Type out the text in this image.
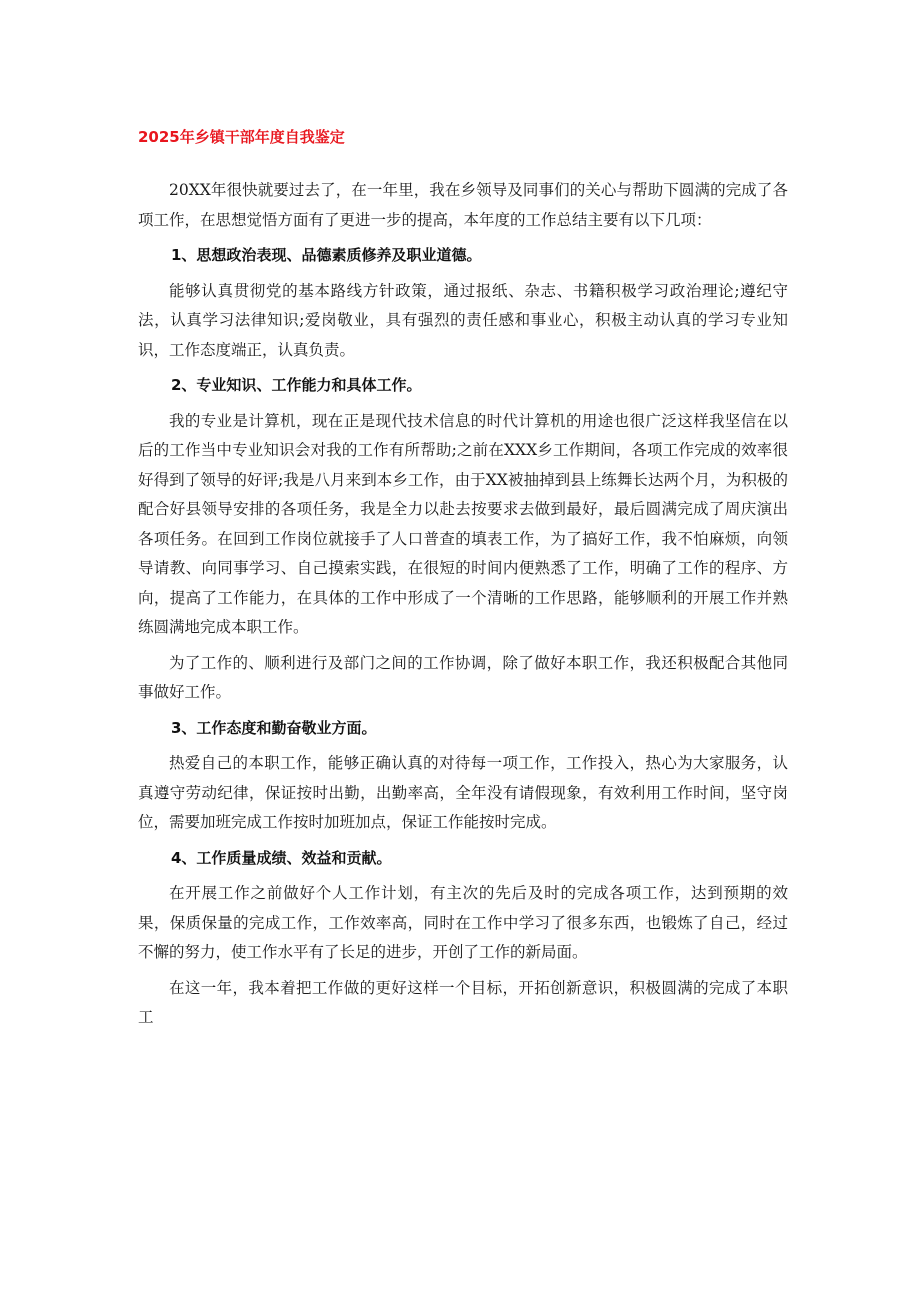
2025年乡镇干部年度自我鉴定

20XX年很快就要过去了，在一年里，我在乡领导及同事们的关心与帮助下圆满的完成了各项工作，在思想觉悟方面有了更进一步的提高，本年度的工作总结主要有以下几项：

1、思想政治表现、品德素质修养及职业道德。

能够认真贯彻党的基本路线方针政策，通过报纸、杂志、书籍积极学习政治理论;遵纪守法，认真学习法律知识;爱岗敬业，具有强烈的责任感和事业心，积极主动认真的学习专业知识，工作态度端正，认真负责。

2、专业知识、工作能力和具体工作。

我的专业是计算机，现在正是现代技术信息的时代计算机的用途也很广泛这样我坚信在以后的工作当中专业知识会对我的工作有所帮助;之前在XXX乡工作期间，各项工作完成的效率很好得到了领导的好评;我是八月来到本乡工作，由于XX被抽掉到县上练舞长达两个月，为积极的配合好县领导安排的各项任务，我是全力以赴去按要求去做到最好，最后圆满完成了周庆演出各项任务。在回到工作岗位就接手了人口普查的填表工作，为了搞好工作，我不怕麻烦，向领导请教、向同事学习、自己摸索实践，在很短的时间内便熟悉了工作，明确了工作的程序、方向，提高了工作能力，在具体的工作中形成了一个清晰的工作思路，能够顺利的开展工作并熟练圆满地完成本职工作。

为了工作的、顺利进行及部门之间的工作协调，除了做好本职工作，我还积极配合其他同事做好工作。

3、工作态度和勤奋敬业方面。

热爱自己的本职工作，能够正确认真的对待每一项工作，工作投入，热心为大家服务，认真遵守劳动纪律，保证按时出勤，出勤率高，全年没有请假现象，有效利用工作时间，坚守岗位，需要加班完成工作按时加班加点，保证工作能按时完成。

4、工作质量成绩、效益和贡献。

在开展工作之前做好个人工作计划，有主次的先后及时的完成各项工作，达到预期的效果，保质保量的完成工作，工作效率高，同时在工作中学习了很多东西，也锻炼了自己，经过不懈的努力，使工作水平有了长足的进步，开创了工作的新局面。

在这一年，我本着把工作做的更好这样一个目标，开拓创新意识，积极圆满的完成了本职工
